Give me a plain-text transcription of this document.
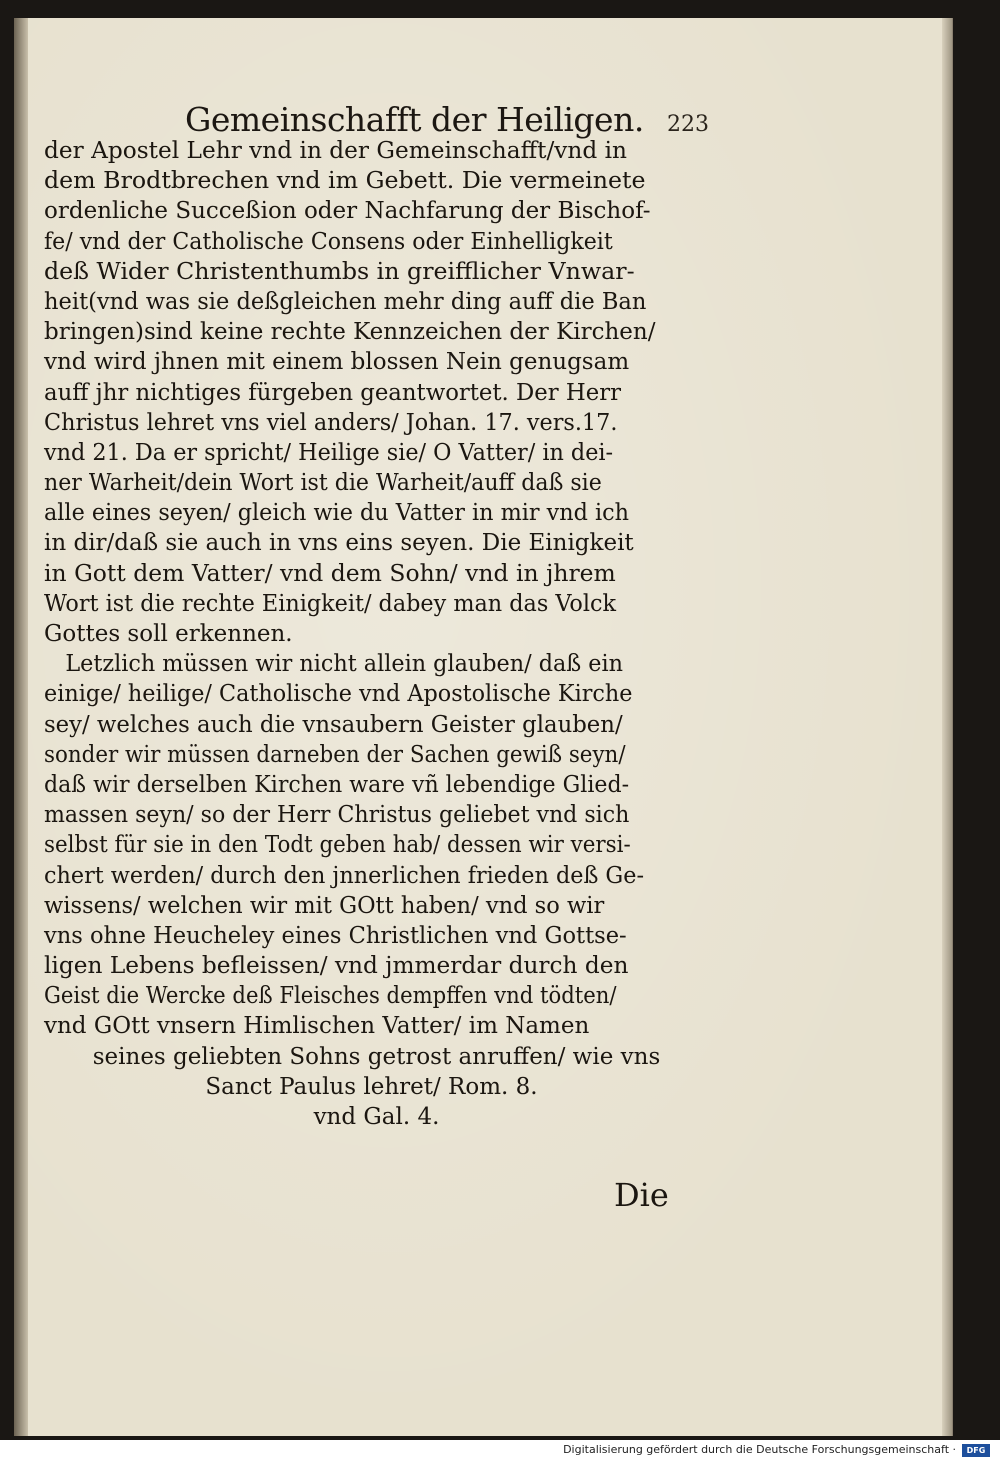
Gemeinschafft der Heiligen. 223
der Apostel Lehr vnd in der Gemeinschafft/vnd in
dem Brodtbrechen vnd im Gebett. Die vermeinete
ordenliche Succeßion oder Nachfarung der Bischof-
fe/ vnd der Catholische Consens oder Einhelligkeit
deß Wider Christenthumbs in greifflicher Vnwar-
heit(vnd was sie deßgleichen mehr ding auff die Ban
bringen)sind keine rechte Kennzeichen der Kirchen/
vnd wird jhnen mit einem blossen Nein genugsam
auff jhr nichtiges fürgeben geantwortet. Der Herr
Christus lehret vns viel anders/ Johan. 17. vers.17.
vnd 21. Da er spricht/ Heilige sie/ O Vatter/ in dei-
ner Warheit/dein Wort ist die Warheit/auff daß sie
alle eines seyen/ gleich wie du Vatter in mir vnd ich
in dir/daß sie auch in vns eins seyen. Die Einigkeit
in Gott dem Vatter/ vnd dem Sohn/ vnd in jhrem
Wort ist die rechte Einigkeit/ dabey man das Volck
Gottes soll erkennen.
Letzlich müssen wir nicht allein glauben/ daß ein
einige/ heilige/ Catholische vnd Apostolische Kirche
sey/ welches auch die vnsaubern Geister glauben/
sonder wir müssen darneben der Sachen gewiß seyn/
daß wir derselben Kirchen ware vñ lebendige Glied-
massen seyn/ so der Herr Christus geliebet vnd sich
selbst für sie in den Todt geben hab/ dessen wir versi-
chert werden/ durch den jnnerlichen frieden deß Ge-
wissens/ welchen wir mit GOtt haben/ vnd so wir
vns ohne Heucheley eines Christlichen vnd Gottse-
ligen Lebens befleissen/ vnd jmmerdar durch den
Geist die Wercke deß Fleisches dempffen vnd tödten/
vnd GOtt vnsern Himlischen Vatter/ im Namen
seines geliebten Sohns getrost anruffen/ wie vns
Sanct Paulus lehret/ Rom. 8.
vnd Gal. 4.
Die
Digitalisierung gefördert durch die Deutsche Forschungsgemeinschaft ·	DFG
